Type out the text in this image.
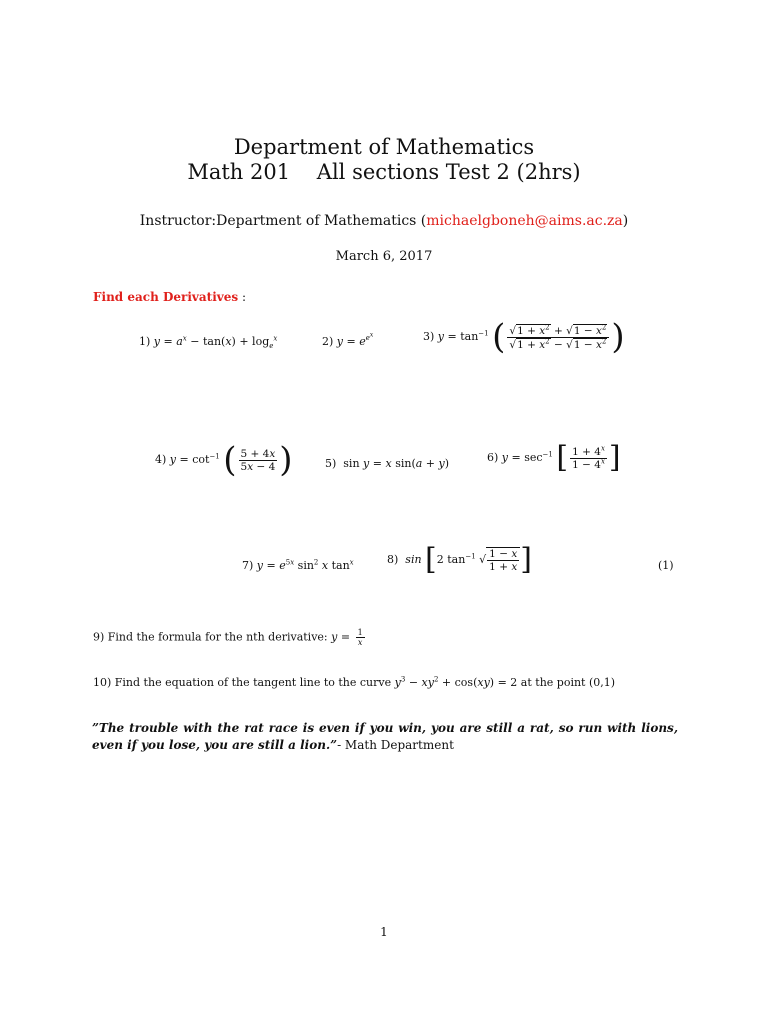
Department of Mathematics
Math 201 All sections Test 2 (2hrs)
Instructor:Department of Mathematics (michaelgboneh@aims.ac.za)
March 6, 2017
Find each Derivatives :
1) $y = a^x - \tan(x) + \log_e^x$	2) $y = e^{e^x}$	3) $y = \tan^{-1}$ ( $\frac{√1 + x^2 + √1 - x^2}{√1 + x^2 - √1 - x^2}$ )
4) $y = \cot^{-1}$ ( $\frac{5 + 4x}{5x - 4}$ )	5)  sin y = x sin(a + y)	6) $y = \sec^{-1}$ [ $\frac{1 + 4^x}{1 - 4^x}$ ]
7) $y = e^{5x}$ $\sin^2 x$ $\tan^x$	8) sin [2 $\tan^{-1}$ √ $\frac{1 - x}{1 + x}$ ]	(1)
9) Find the formula for the nth derivative: $y = \frac{1}{x}$
10) Find the equation of the tangent line to the curve $y^3 - xy^2 + \cos(xy) = 2$ at the point (0,1)
”The trouble with the rat race is even if you win, you are still a rat, so run with lions, even if you lose, you are still a lion.”- Math Department
1
